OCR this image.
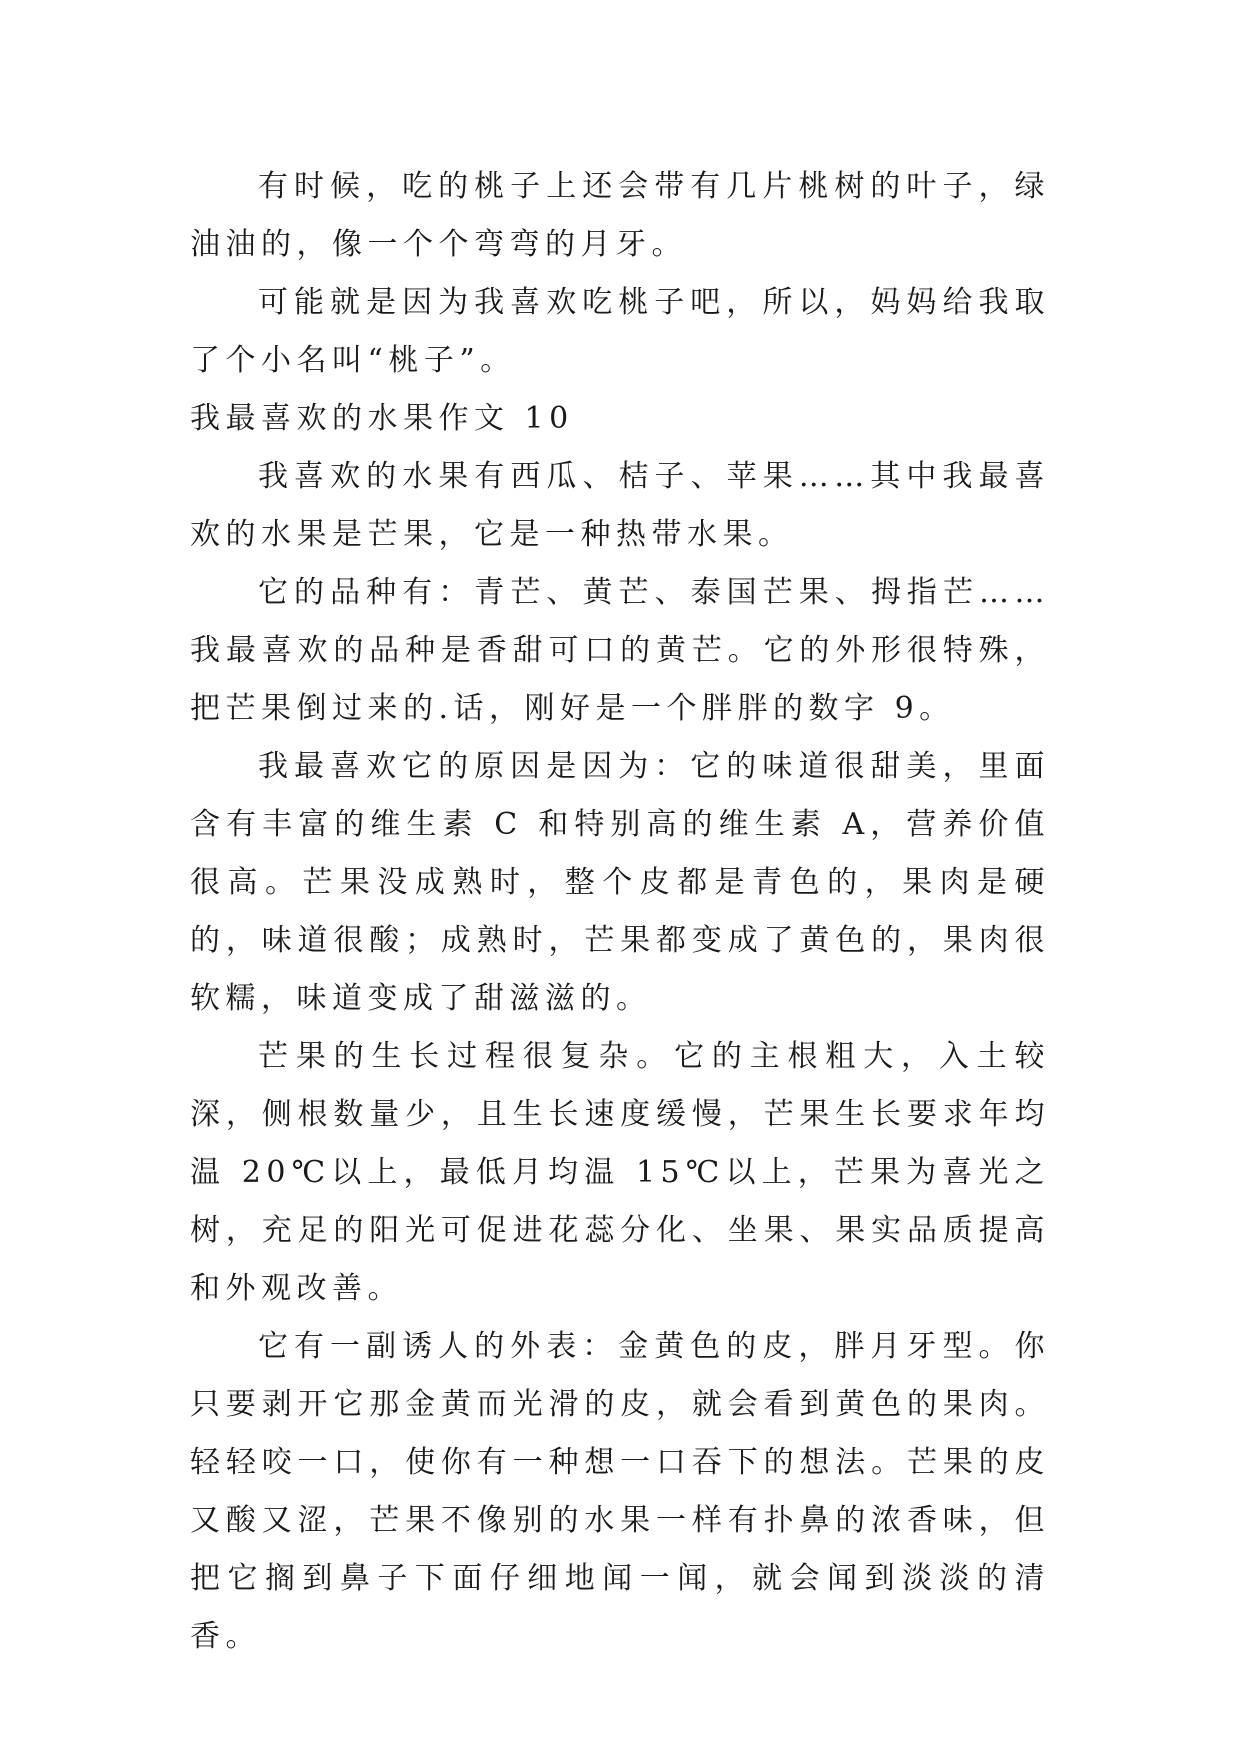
有时候，吃的桃子上还会带有几片桃树的叶子，绿油油的，像一个个弯弯的月牙。

可能就是因为我喜欢吃桃子吧，所以，妈妈给我取了个小名叫“桃子”。

我最喜欢的水果作文 10

我喜欢的水果有西瓜、桔子、苹果……其中我最喜欢的水果是芒果，它是一种热带水果。

它的品种有：青芒、黄芒、泰国芒果、拇指芒……我最喜欢的品种是香甜可口的黄芒。它的外形很特殊，把芒果倒过来的.话，刚好是一个胖胖的数字 9。

我最喜欢它的原因是因为：它的味道很甜美，里面含有丰富的维生素 C 和特别高的维生素 A，营养价值很高。芒果没成熟时，整个皮都是青色的，果肉是硬的，味道很酸；成熟时，芒果都变成了黄色的，果肉很软糯，味道变成了甜滋滋的。

芒果的生长过程很复杂。它的主根粗大，入土较深，侧根数量少，且生长速度缓慢，芒果生长要求年均温 20℃以上，最低月均温 15℃以上，芒果为喜光之树，充足的阳光可促进花蕊分化、坐果、果实品质提高和外观改善。

它有一副诱人的外表：金黄色的皮，胖月牙型。你只要剥开它那金黄而光滑的皮，就会看到黄色的果肉。轻轻咬一口，使你有一种想一口吞下的想法。芒果的皮又酸又涩，芒果不像别的水果一样有扑鼻的浓香味，但把它搁到鼻子下面仔细地闻一闻，就会闻到淡淡的清香。
